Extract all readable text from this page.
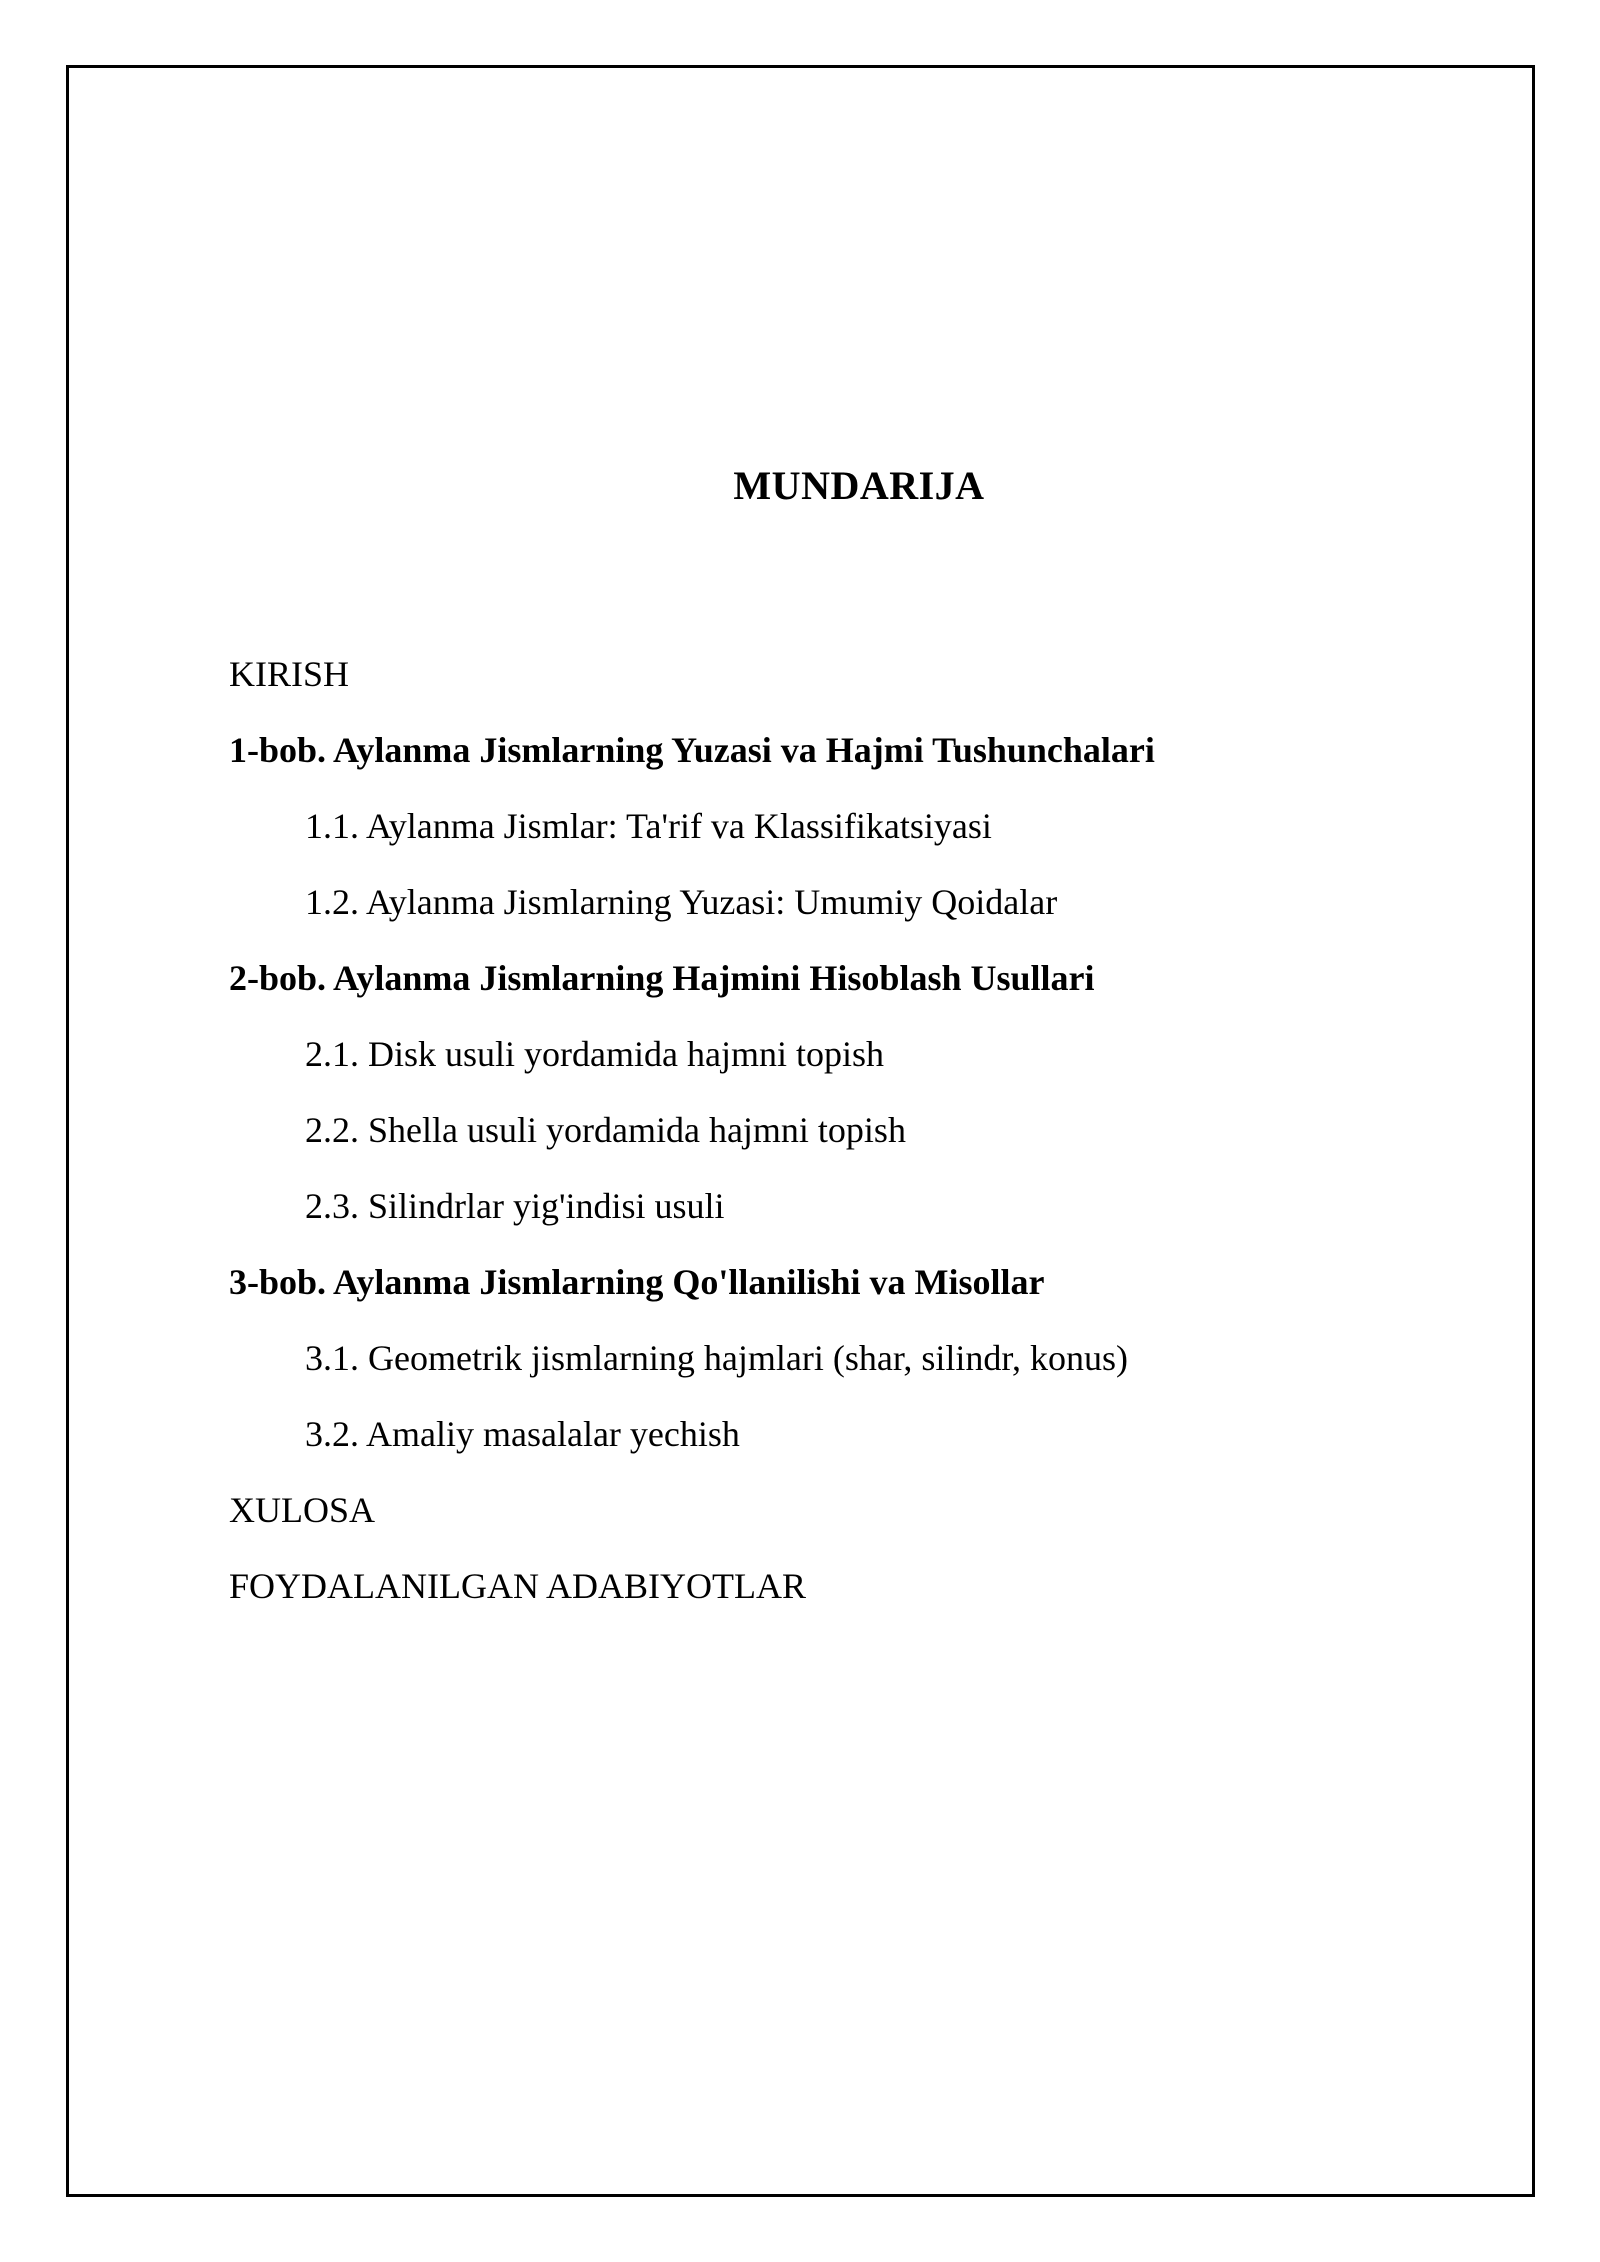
MUNDARIJA
KIRISH
1-bob. Aylanma Jismlarning Yuzasi va Hajmi Tushunchalari
1.1. Aylanma Jismlar: Ta'rif va Klassifikatsiyasi
1.2. Aylanma Jismlarning Yuzasi: Umumiy Qoidalar
2-bob. Aylanma Jismlarning Hajmini Hisoblash Usullari
2.1. Disk usuli yordamida hajmni topish
2.2. Shella usuli yordamida hajmni topish
2.3. Silindrlar yig'indisi usuli
3-bob. Aylanma Jismlarning Qo'llanilishi va Misollar
3.1. Geometrik jismlarning hajmlari (shar, silindr, konus)
3.2. Amaliy masalalar yechish
XULOSA
FOYDALANILGAN ADABIYOTLAR
